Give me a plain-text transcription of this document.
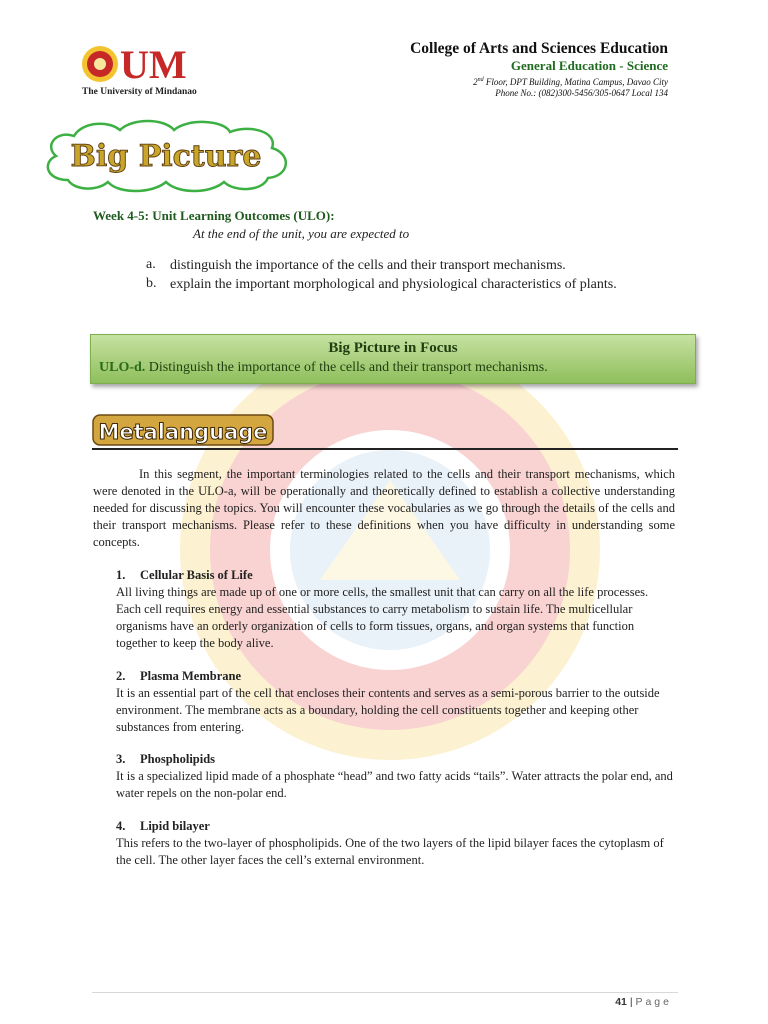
UM
The University of Mindanao
College of Arts and Sciences Education
General Education - Science
2nd Floor, DPT Building, Matina Campus, Davao City
Phone No.: (082)300-5456/305-0647 Local 134
Big Picture
Week 4-5: Unit Learning Outcomes (ULO):
At the end of the unit, you are expected to
a. distinguish the importance of the cells and their transport mechanisms.
b. explain the important morphological and physiological characteristics of plants.
Big Picture in Focus
ULO-d. Distinguish the importance of the cells and their transport mechanisms.
Metalanguage
In this segment, the important terminologies related to the cells and their transport mechanisms, which were denoted in the ULO-a, will be operationally and theoretically defined to establish a collective understanding needed for discussing the topics. You will encounter these vocabularies as we go through the details of the cells and their transport mechanisms. Please refer to these definitions when you have difficulty in understanding some concepts.
1. Cellular Basis of Life
All living things are made up of one or more cells, the smallest unit that can carry on all the life processes. Each cell requires energy and essential substances to carry metabolism to sustain life. The multicellular organisms have an orderly organization of cells to form tissues, organs, and organ systems that function together to keep the body alive.
2. Plasma Membrane
It is an essential part of the cell that encloses their contents and serves as a semi-porous barrier to the outside environment. The membrane acts as a boundary, holding the cell constituents together and keeping other substances from entering.
3. Phospholipids
It is a specialized lipid made of a phosphate “head” and two fatty acids “tails”. Water attracts the polar end, and water repels on the non-polar end.
4. Lipid bilayer
This refers to the two-layer of phospholipids. One of the two layers of the lipid bilayer faces the cytoplasm of the cell. The other layer faces the cell’s external environment.
41 | Page
